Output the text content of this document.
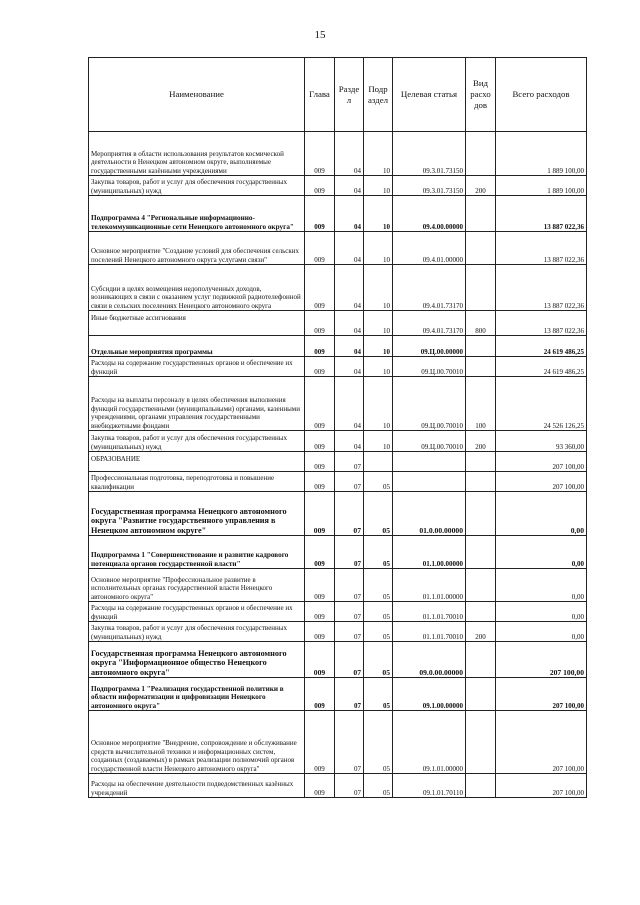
15
Наименование	Глава	Разде л	Подр аздел	Целевая статья	Вид расхо дов	Всего расходов
Мероприятия в области использования результатов космической деятельности в Ненецком автономном округе, выполняемые государственными казёнными учреждениями	009	04	10	09.3.01.73150		1 889 100,00
Закупка товаров, работ и услуг для обеспечения государственных (муниципальных) нужд	009	04	10	09.3.01.73150	200	1 889 100,00
Подпрограмма 4 "Региональные информационно-телекоммуникационные сети Ненецкого автономного округа"	009	04	10	09.4.00.00000		13 887 022,36
Основное мероприятие "Создание условий для обеспечения сельских поселений Ненецкого автономного округа услугами связи"	009	04	10	09.4.01.00000		13 887 022,36
Субсидии в целях возмещения недополученных доходов, возникающих в связи с оказанием услуг подвижной радиотелефонной связи в сельских поселениях Ненецкого автономного округа	009	04	10	09.4.01.73170		13 887 022,36
Иные бюджетные ассигнования	009	04	10	09.4.01.73170	800	13 887 022,36
Отдельные мероприятия программы	009	04	10	09.Ц.00.00000		24 619 486,25
Расходы на содержание государственных органов и обеспечение их функций	009	04	10	09.Ц.00.70010		24 619 486,25
Расходы на выплаты персоналу в целях обеспечения выполнения функций государственными (муниципальными) органами, казенными учреждениями, органами управления государственными внебюджетными фондами	009	04	10	09.Ц.00.70010	100	24 526 126,25
Закупка товаров, работ и услуг для обеспечения государственных (муниципальных) нужд	009	04	10	09.Ц.00.70010	200	93 360,00
ОБРАЗОВАНИЕ	009	07				207 100,00
Профессиональная подготовка, переподготовка и повышение квалификации	009	07	05			207 100,00
Государственная программа Ненецкого автономного округа "Развитие государственного управления в Ненецком автономном округе"	009	07	05	01.0.00.00000		0,00
Подпрограмма 1 "Совершенствование и развитие кадрового потенциала органов государственной власти"	009	07	05	01.1.00.00000		0,00
Основное мероприятие "Профессиональное развитие в исполнительных органах государственной власти Ненецкого автономного округа"	009	07	05	01.1.01.00000		0,00
Расходы на содержание государственных органов и обеспечение их функций	009	07	05	01.1.01.70010		0,00
Закупка товаров, работ и услуг для обеспечения государственных (муниципальных) нужд	009	07	05	01.1.01.70010	200	0,00
Государственная программа Ненецкого автономного округа "Информационное общество Ненецкого автономного округа"	009	07	05	09.0.00.00000		207 100,00
Подпрограмма 1 "Реализация государственной политики в области информатизации и цифровизации Ненецкого автономного округа"	009	07	05	09.1.00.00000		207 100,00
Основное мероприятие "Внедрение, сопровождение и обслуживание средств вычислительной техники и информационных систем, созданных (создаваемых) в рамках реализации полномочий органов государственной власти Ненецкого автономного округа"	009	07	05	09.1.01.00000		207 100,00
Расходы на обеспечение деятельности подведомственных казённых учреждений	009	07	05	09.1.01.70110		207 100,00
